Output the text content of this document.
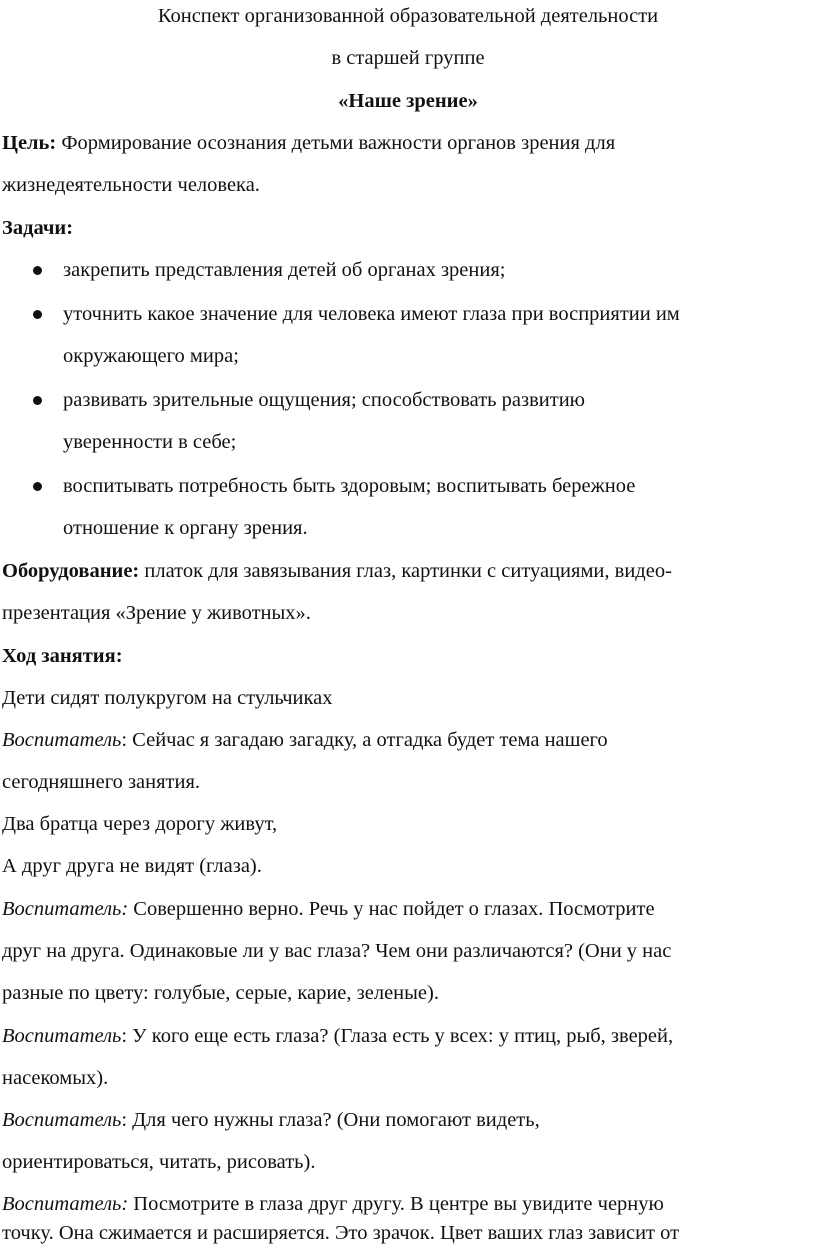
Конспект организованной образовательной деятельности
в старшей группе
«Наше зрение»
Цель: Формирование осознания детьми важности органов зрения для
жизнедеятельности человека.
Задачи:
закрепить представления детей об органах зрения;
уточнить какое значение для человека имеют глаза при восприятии им
окружающего мира;
развивать зрительные ощущения; способствовать развитию
уверенности в себе;
воспитывать потребность быть здоровым; воспитывать бережное
отношение к органу зрения.
Оборудование: платок для завязывания глаз, картинки с ситуациями, видео-
презентация «Зрение у животных».
Ход занятия:
Дети сидят полукругом на стульчиках
Воспитатель: Сейчас я загадаю загадку, а отгадка будет тема нашего
сегодняшнего занятия.
Два братца через дорогу живут,
А друг друга не видят (глаза).
Воспитатель: Совершенно верно. Речь у нас пойдет о глазах. Посмотрите
друг на друга. Одинаковые ли у вас глаза? Чем они различаются? (Они у нас
разные по цвету: голубые, серые, карие, зеленые).
Воспитатель: У кого еще есть глаза? (Глаза есть у всех: у птиц, рыб, зверей,
насекомых).
Воспитатель: Для чего нужны глаза? (Они помогают видеть,
ориентироваться, читать, рисовать).
Воспитатель: Посмотрите в глаза друг другу. В центре вы увидите черную
точку. Она сжимается и расширяется. Это зрачок. Цвет ваших глаз зависит от
